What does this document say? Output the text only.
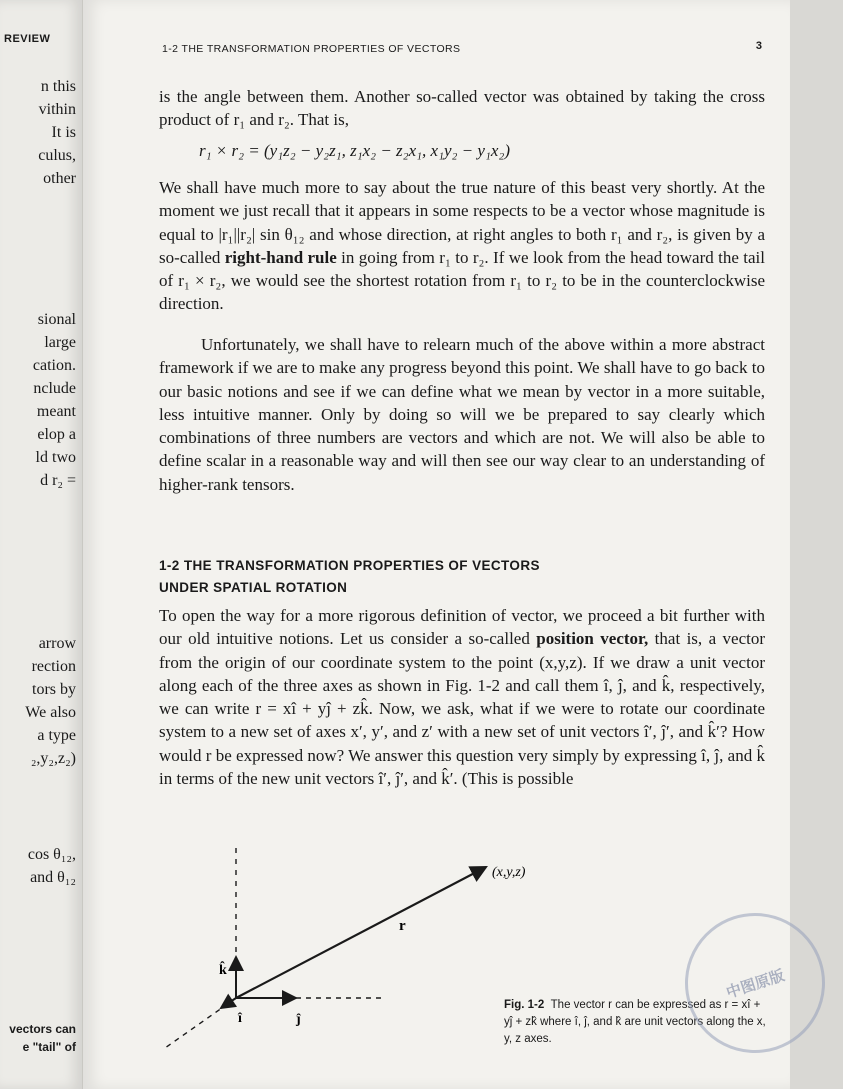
REVIEW
n this
vithin
It is
culus,
other
sional
large
cation.
nclude
meant
elop a
ld two
d r₂ =
arrow
rection
tors by
We also
a type
₂,y₂,z₂)
cos θ₁₂,
and θ₁₂
vectors can
e "tail" of
1-2 THE TRANSFORMATION PROPERTIES OF VECTORS	3

is the angle between them. Another so-called vector was obtained by taking the cross product of r₁ and r₂. That is,

r₁ × r₂ = (y₁z₂ − y₂z₁, z₁x₂ − z₂x₁, x₁y₂ − y₁x₂)

We shall have much more to say about the true nature of this beast very shortly. At the moment we just recall that it appears in some respects to be a vector whose magnitude is equal to |r₁||r₂| sin θ₁₂ and whose direction, at right angles to both r₁ and r₂, is given by a so-called right-hand rule in going from r₁ to r₂. If we look from the head toward the tail of r₁ × r₂, we would see the shortest rotation from r₁ to r₂ to be in the counterclockwise direction.

Unfortunately, we shall have to relearn much of the above within a more abstract framework if we are to make any progress beyond this point. We shall have to go back to our basic notions and see if we can define what we mean by vector in a more suitable, less intuitive manner. Only by doing so will we be prepared to say clearly which combinations of three numbers are vectors and which are not. We will also be able to define scalar in a reasonable way and will then see our way clear to an understanding of higher-rank tensors.

1-2 THE TRANSFORMATION PROPERTIES OF VECTORS
UNDER SPATIAL ROTATION

To open the way for a more rigorous definition of vector, we proceed a bit further with our old intuitive notions. Let us consider a so-called position vector, that is, a vector from the origin of our coordinate system to the point (x,y,z). If we draw a unit vector along each of the three axes as shown in Fig. 1-2 and call them î, ĵ, and k̂, respectively, we can write r = xî + yĵ + zk̂. Now, we ask, what if we were to rotate our coordinate system to a new set of axes x′, y′, and z′ with a new set of unit vectors î′, ĵ′, and k̂′? How would r be expressed now? We answer this question very simply by expressing î, ĵ, and k̂ in terms of the new unit vectors î′, ĵ′, and k̂′. (This is possible

(x,y,z)
r
k̂
î	ĵ
Fig. 1-2 The vector r can be expressed as r = xî + yĵ + zk̂ where î, ĵ, and k̂ are unit vectors along the x, y, z axes.
中图原版
